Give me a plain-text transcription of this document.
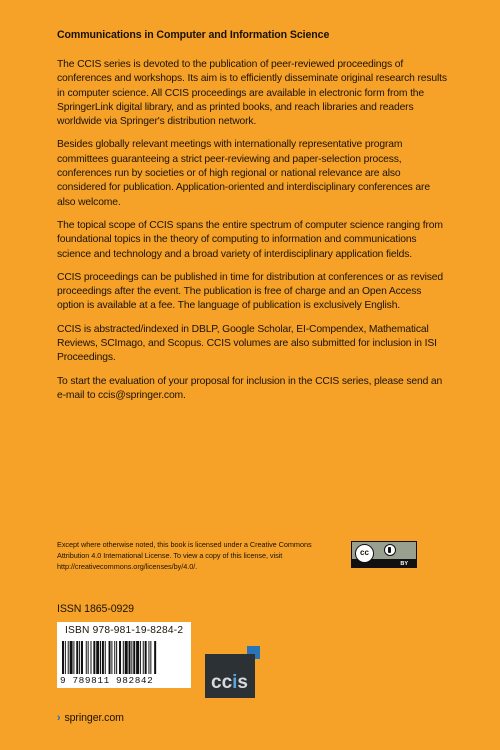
Communications in Computer and Information Science

The CCIS series is devoted to the publication of peer-reviewed proceedings of conferences and workshops. Its aim is to efficiently disseminate original research results in computer science. All CCIS proceedings are available in electronic form from the SpringerLink digital library, and as printed books, and reach libraries and readers worldwide via Springer's distribution network.

Besides globally relevant meetings with internationally representative program committees guaranteeing a strict peer-reviewing and paper-selection process, conferences run by societies or of high regional or national relevance are also considered for publication. Application-oriented and interdisciplinary conferences are also welcome.

The topical scope of CCIS spans the entire spectrum of computer science ranging from foundational topics in the theory of computing to information and communications science and technology and a broad variety of interdisciplinary application fields.

CCIS proceedings can be published in time for distribution at conferences or as revised proceedings after the event. The publication is free of charge and an Open Access option is available at a fee. The language of publication is exclusively English.

CCIS is abstracted/indexed in DBLP, Google Scholar, EI-Compendex, Mathematical Reviews, SCImago, and Scopus. CCIS volumes are also submitted for inclusion in ISI Proceedings.

To start the evaluation of your proposal for inclusion in the CCIS series, please send an e-mail to ccis@springer.com.

Except where otherwise noted, this book is licensed under a Creative Commons Attribution 4.0 International License. To view a copy of this license, visit http://creativecommons.org/licenses/by/4.0/.
cc
BY
ISSN 1865-0929
ISBN 978-981-19-8284-2
9 789811 982842	ccis
› springer.com
